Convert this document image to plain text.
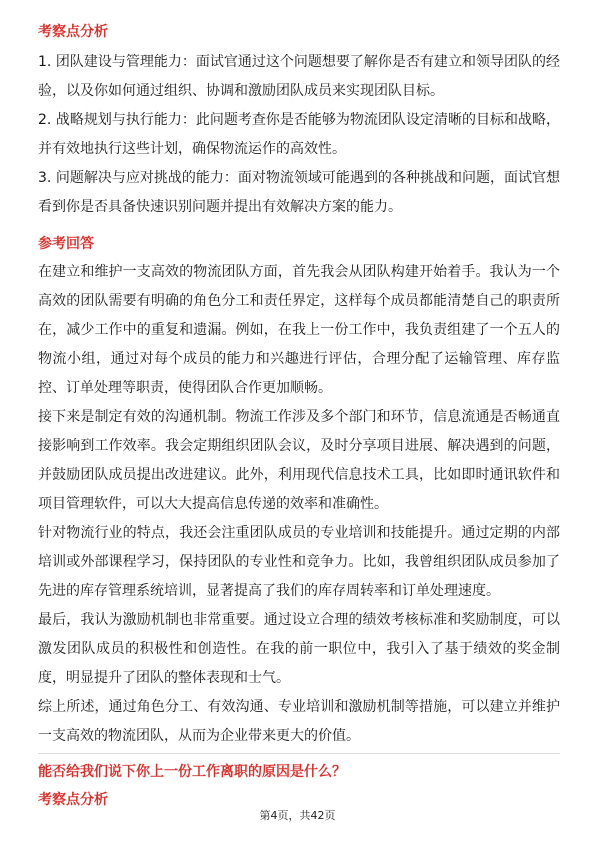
考察点分析

1. 团队建设与管理能力：面试官通过这个问题想要了解你是否有建立和领导团队的经验，以及你如何通过组织、协调和激励团队成员来实现团队目标。

2. 战略规划与执行能力：此问题考查你是否能够为物流团队设定清晰的目标和战略，并有效地执行这些计划，确保物流运作的高效性。

3. 问题解决与应对挑战的能力：面对物流领域可能遇到的各种挑战和问题，面试官想看到你是否具备快速识别问题并提出有效解决方案的能力。

参考回答

在建立和维护一支高效的物流团队方面，首先我会从团队构建开始着手。我认为一个高效的团队需要有明确的角色分工和责任界定，这样每个成员都能清楚自己的职责所在，减少工作中的重复和遗漏。例如，在我上一份工作中，我负责组建了一个五人的物流小组，通过对每个成员的能力和兴趣进行评估，合理分配了运输管理、库存监控、订单处理等职责，使得团队合作更加顺畅。

接下来是制定有效的沟通机制。物流工作涉及多个部门和环节，信息流通是否畅通直接影响到工作效率。我会定期组织团队会议，及时分享项目进展、解决遇到的问题，并鼓励团队成员提出改进建议。此外，利用现代信息技术工具，比如即时通讯软件和项目管理软件，可以大大提高信息传递的效率和准确性。

针对物流行业的特点，我还会注重团队成员的专业培训和技能提升。通过定期的内部培训或外部课程学习，保持团队的专业性和竞争力。比如，我曾组织团队成员参加了先进的库存管理系统培训，显著提高了我们的库存周转率和订单处理速度。

最后，我认为激励机制也非常重要。通过设立合理的绩效考核标准和奖励制度，可以激发团队成员的积极性和创造性。在我的前一职位中，我引入了基于绩效的奖金制度，明显提升了团队的整体表现和士气。

综上所述，通过角色分工、有效沟通、专业培训和激励机制等措施，可以建立并维护一支高效的物流团队，从而为企业带来更大的价值。

能否给我们说下你上一份工作离职的原因是什么？

考察点分析

第4页，共42页
